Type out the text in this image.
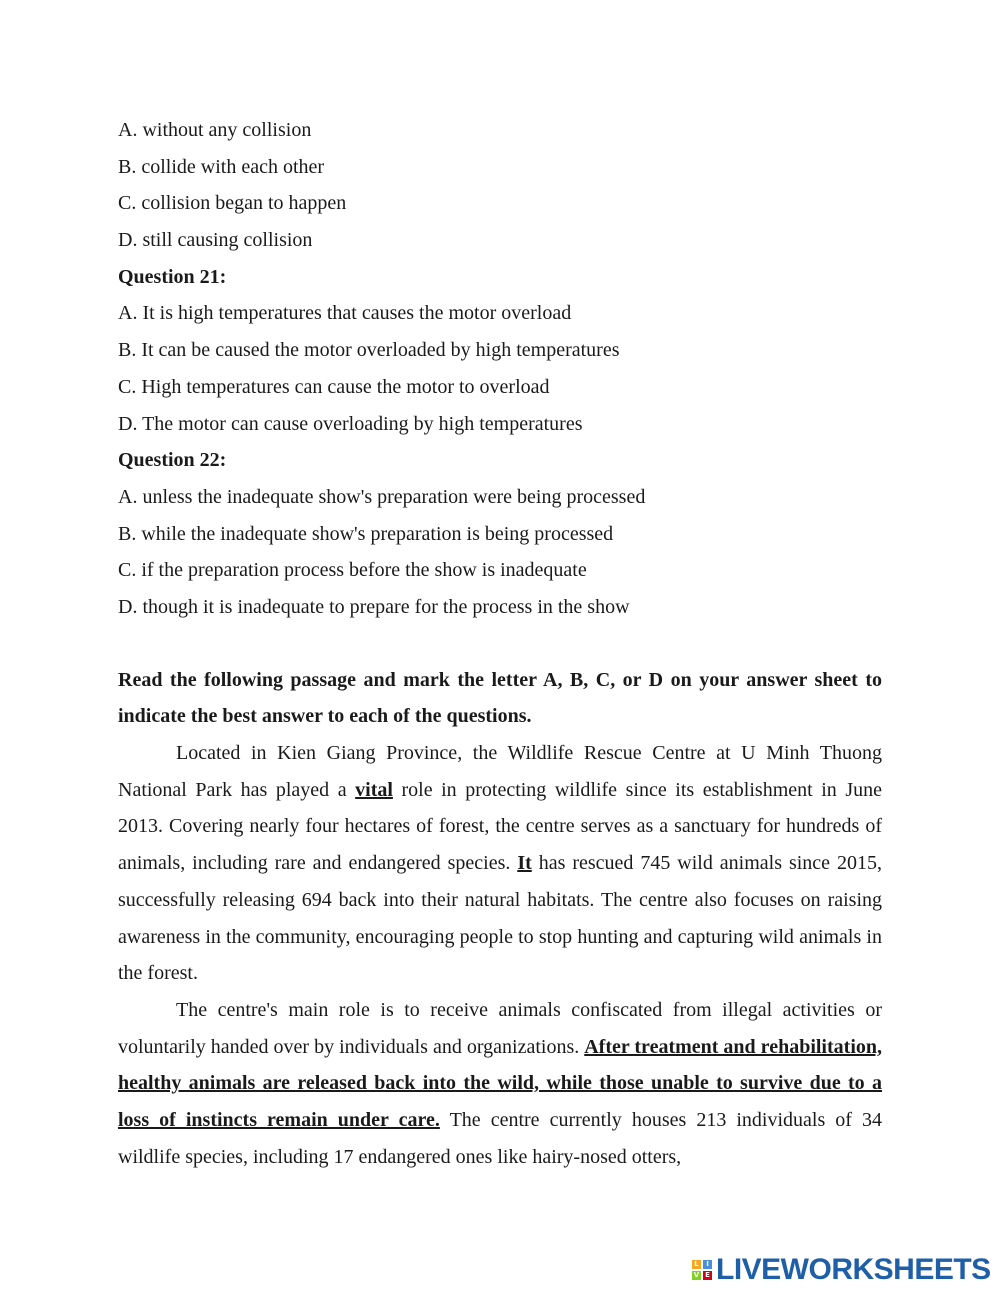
A. without any collision
B. collide with each other
C. collision began to happen
D. still causing collision
Question 21:
A. It is high temperatures that causes the motor overload
B. It can be caused the motor overloaded by high temperatures
C. High temperatures can cause the motor to overload
D. The motor can cause overloading by high temperatures
Question 22:
A. unless the inadequate show's preparation were being processed
B. while the inadequate show's preparation is being processed
C. if the preparation process before the show is inadequate
D. though it is inadequate to prepare for the process in the show

Read the following passage and mark the letter A, B, C, or D on your answer sheet to indicate the best answer to each of the questions.

Located in Kien Giang Province, the Wildlife Rescue Centre at U Minh Thuong National Park has played a vital role in protecting wildlife since its establishment in June 2013. Covering nearly four hectares of forest, the centre serves as a sanctuary for hundreds of animals, including rare and endangered species. It has rescued 745 wild animals since 2015, successfully releasing 694 back into their natural habitats. The centre also focuses on raising awareness in the community, encouraging people to stop hunting and capturing wild animals in the forest.

The centre's main role is to receive animals confiscated from illegal activities or voluntarily handed over by individuals and organizations. After treatment and rehabilitation, healthy animals are released back into the wild, while those unable to survive due to a loss of instincts remain under care. The centre currently houses 213 individuals of 34 wildlife species, including 17 endangered ones like hairy-nosed otters,

L	I
V E LIVEWORKSHEETS
